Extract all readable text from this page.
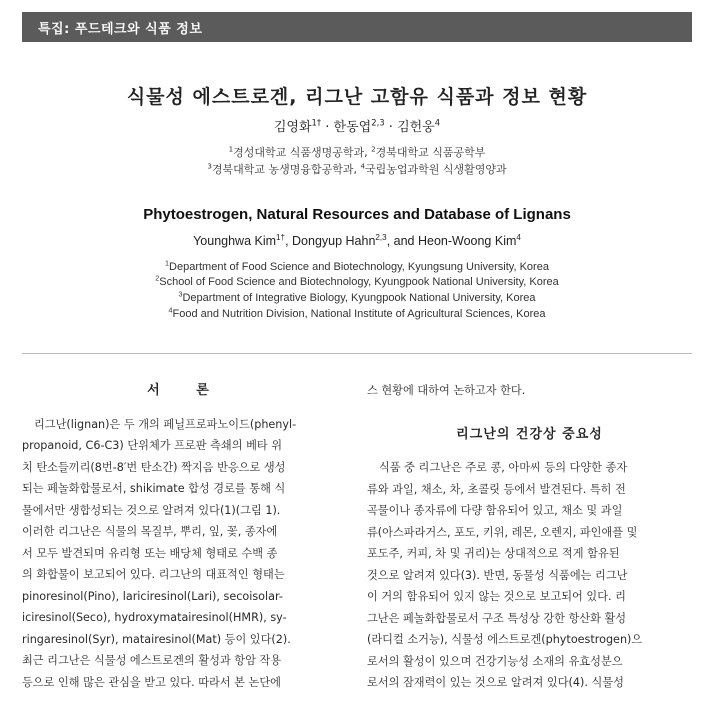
특집: 푸드테크와 식품 정보
식물성 에스트로겐, 리그난 고함유 식품과 정보 현황
김영화$^{1\dagger}$ · 한동엽$^{2,3}$ · 김헌웅$^4$
$^1$경성대학교 식품생명공학과, $^2$경북대학교 식품공학부
$^3$경북대학교 농생명융합공학과, $^4$국립농업과학원 식생활영양과
Phytoestrogen, Natural Resources and Database of Lignans
Younghwa Kim$^{1\dagger}$, Dongyup Hahn$^{2,3}$, and Heon-Woong Kim$^4$
$^1$Department of Food Science and Biotechnology, Kyungsung University, Korea
$^2$School of Food Science and Biotechnology, Kyungpook National University, Korea
$^3$Department of Integrative Biology, Kyungpook National University, Korea
$^4$Food and Nutrition Division, National Institute of Agricultural Sciences, Korea
서 론
리그난(lignan)은 두 개의 페닐프로파노이드(phenyl-
propanoid, C6-C3) 단위체가 프로판 측쇄의 베타 위
치 탄소들끼리(8번-8′번 탄소간) 짝지음 반응으로 생성
되는 페놀화합물로서, shikimate 합성 경로를 통해 식
물에서만 생합성되는 것으로 알려져 있다(1)(그림 1).
이러한 리그난은 식물의 목질부, 뿌리, 잎, 꽃, 종자에
서 모두 발견되며 유리형 또는 배당체 형태로 수백 종
의 화합물이 보고되어 있다. 리그난의 대표적인 형태는
pinoresinol(Pino), lariciresinol(Lari), secoisolar-
iciresinol(Seco), hydroxymatairesinol(HMR), sy-
ringaresinol(Syr), matairesinol(Mat) 등이 있다(2).
최근 리그난은 식물성 에스트로겐의 활성과 항암 작용
등으로 인해 많은 관심을 받고 있다. 따라서 본 논단에
스 현황에 대하여 논하고자 한다.
리그난의 건강상 중요성
식품 중 리그난은 주로 콩, 아마씨 등의 다양한 종자
류와 과일, 채소, 차, 초콜릿 등에서 발견된다. 특히 전
곡물이나 종자류에 다량 함유되어 있고, 채소 및 과일
류(아스파라거스, 포도, 키위, 레몬, 오렌지, 파인애플 및
포도주, 커피, 차 및 귀리)는 상대적으로 적게 함유된
것으로 알려져 있다(3). 반면, 동물성 식품에는 리그난
이 거의 함유되어 있지 않는 것으로 보고되어 있다. 리
그난은 페놀화합물로서 구조 특성상 강한 항산화 활성
(라디컬 소거능), 식물성 에스트로겐(phytoestrogen)으
로서의 활성이 있으며 건강기능성 소재의 유효성분으
로서의 잠재력이 있는 것으로 알려져 있다(4). 식물성
